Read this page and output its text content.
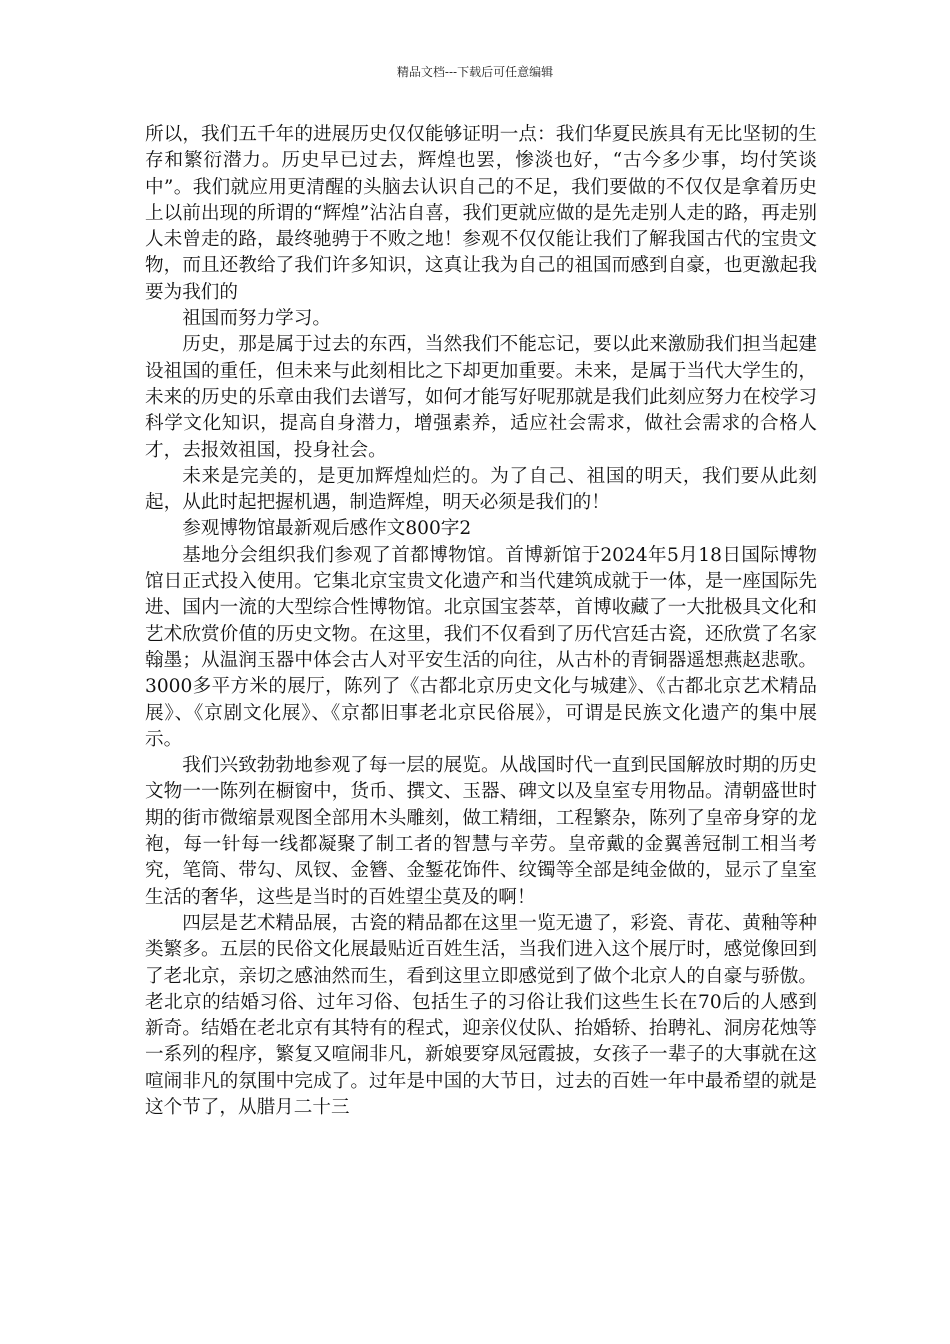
精品文档---下载后可任意编辑

所以，我们五千年的进展历史仅仅能够证明一点：我们华夏民族具有无比坚韧的生存和繁衍潜力。历史早已过去，辉煌也罢，惨淡也好，“古今多少事，均付笑谈中”。我们就应用更清醒的头脑去认识自己的不足，我们要做的不仅仅是拿着历史上以前出现的所谓的“辉煌”沾沾自喜，我们更就应做的是先走别人走的路，再走别人未曾走的路，最终驰骋于不败之地！参观不仅仅能让我们了解我国古代的宝贵文物，而且还教给了我们许多知识，这真让我为自己的祖国而感到自豪，也更激起我要为我们的

祖国而努力学习。

历史，那是属于过去的东西，当然我们不能忘记，要以此来激励我们担当起建设祖国的重任，但未来与此刻相比之下却更加重要。未来，是属于当代大学生的，未来的历史的乐章由我们去谱写，如何才能写好呢那就是我们此刻应努力在校学习科学文化知识，提高自身潜力，增强素养，适应社会需求，做社会需求的合格人才，去报效祖国，投身社会。

未来是完美的，是更加辉煌灿烂的。为了自己、祖国的明天，我们要从此刻起，从此时起把握机遇，制造辉煌，明天必须是我们的！

参观博物馆最新观后感作文800字2

基地分会组织我们参观了首都博物馆。首博新馆于2024年5月18日国际博物馆日正式投入使用。它集北京宝贵文化遗产和当代建筑成就于一体，是一座国际先进、国内一流的大型综合性博物馆。北京国宝荟萃，首博收藏了一大批极具文化和艺术欣赏价值的历史文物。在这里，我们不仅看到了历代宫廷古瓷，还欣赏了名家翰墨；从温润玉器中体会古人对平安生活的向往，从古朴的青铜器遥想燕赵悲歌。3000多平方米的展厅，陈列了《古都北京历史文化与城建》、《古都北京艺术精品展》、《京剧文化展》、《京都旧事老北京民俗展》，可谓是民族文化遗产的集中展示。

我们兴致勃勃地参观了每一层的展览。从战国时代一直到民国解放时期的历史文物一一陈列在橱窗中，货币、撰文、玉器、碑文以及皇室专用物品。清朝盛世时期的街市微缩景观图全部用木头雕刻，做工精细，工程繁杂，陈列了皇帝身穿的龙袍，每一针每一线都凝聚了制工者的智慧与辛劳。皇帝戴的金翼善冠制工相当考究，笔筒、带勾、凤钗、金簪、金錾花饰件、纹镯等全部是纯金做的，显示了皇室生活的奢华，这些是当时的百姓望尘莫及的啊！

四层是艺术精品展，古瓷的精品都在这里一览无遗了，彩瓷、青花、黄釉等种类繁多。五层的民俗文化展最贴近百姓生活，当我们进入这个展厅时，感觉像回到了老北京，亲切之感油然而生，看到这里立即感觉到了做个北京人的自豪与骄傲。老北京的结婚习俗、过年习俗、包括生子的习俗让我们这些生长在70后的人感到新奇。结婚在老北京有其特有的程式，迎亲仪仗队、抬婚轿、抬聘礼、洞房花烛等一系列的程序，繁复又喧闹非凡，新娘要穿凤冠霞披，女孩子一辈子的大事就在这喧闹非凡的氛围中完成了。过年是中国的大节日，过去的百姓一年中最希望的就是这个节了，从腊月二十三
